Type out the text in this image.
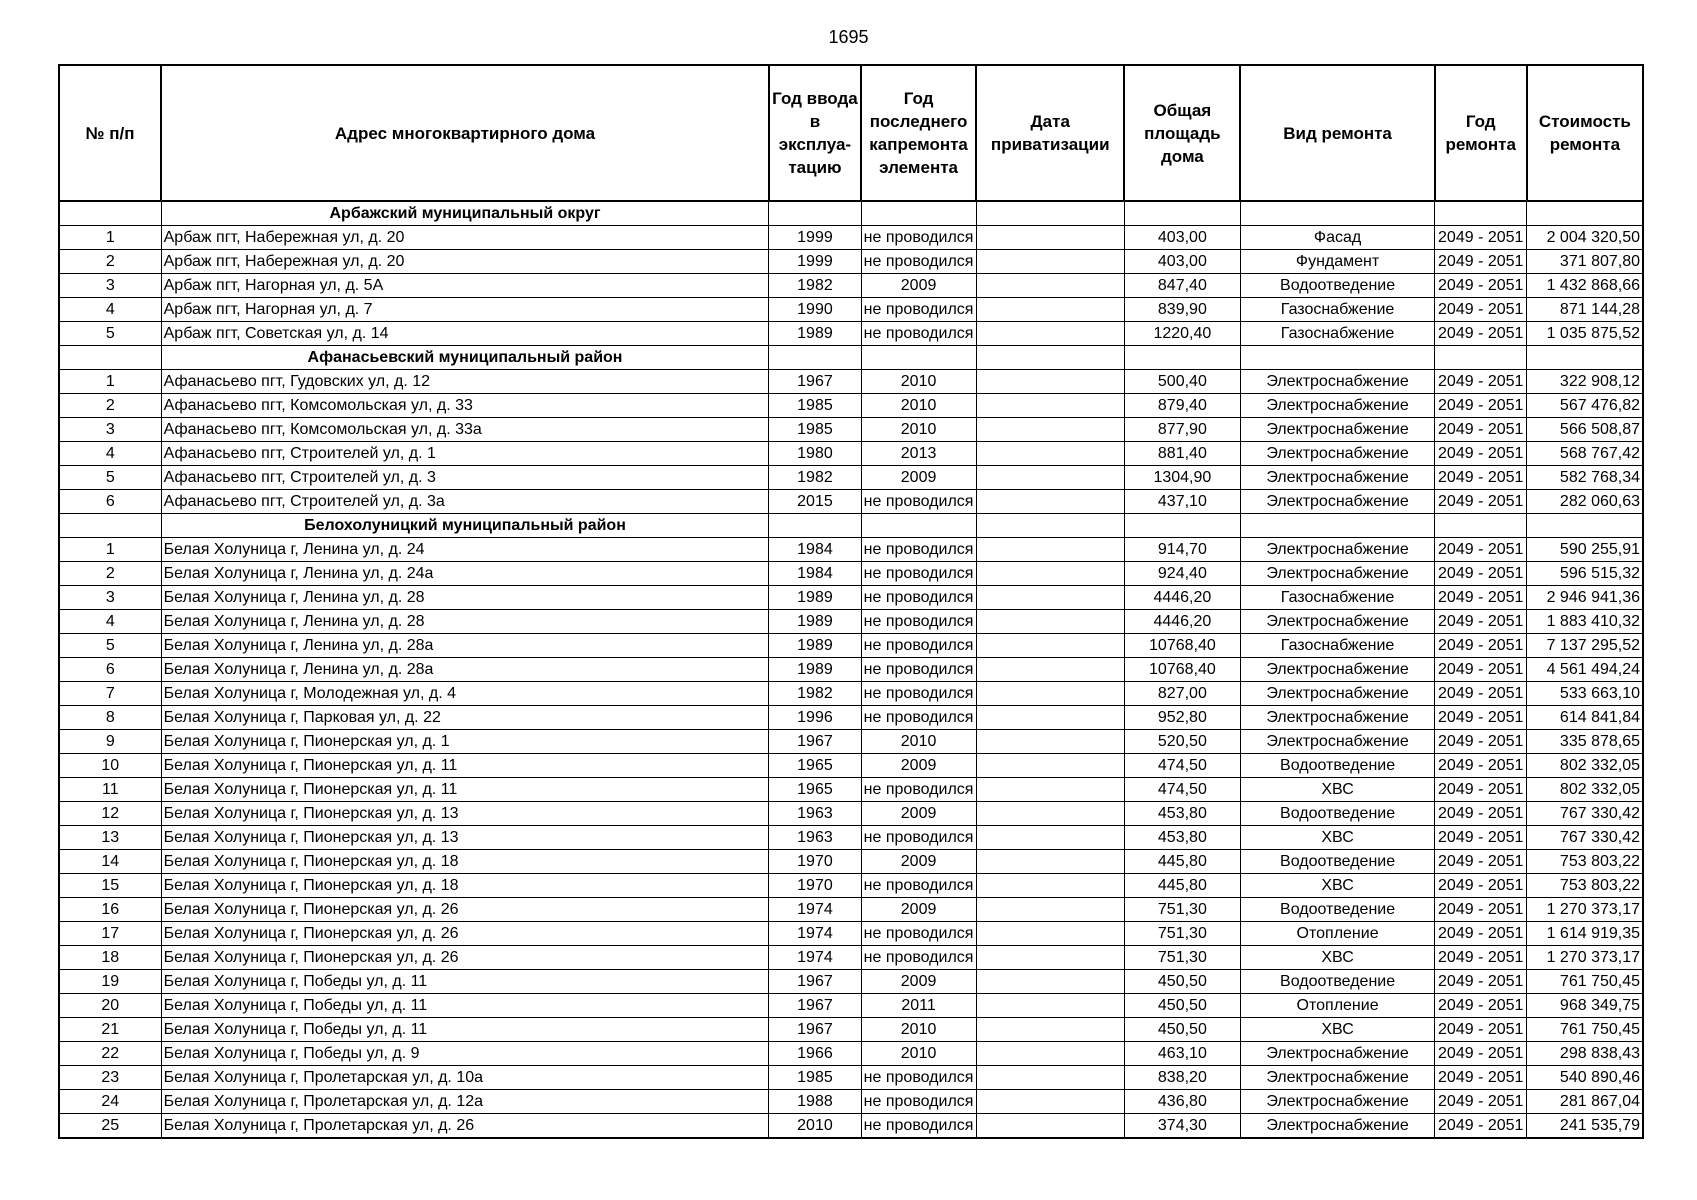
1695
№ п/п	Адрес многоквартирного дома	Год ввода в эксплуа-тацию	Год последнего капремонта элемента	Дата приватизации	Общая площадь дома	Вид ремонта	Год ремонта	Стоимость ремонта
	Арбажский муниципальный округ							
1	Арбаж пгт, Набережная ул, д. 20	1999	не проводился		403,00	Фасад	2049 - 2051	2 004 320,50
2	Арбаж пгт, Набережная ул, д. 20	1999	не проводился		403,00	Фундамент	2049 - 2051	371 807,80
3	Арбаж пгт, Нагорная ул, д. 5А	1982	2009		847,40	Водоотведение	2049 - 2051	1 432 868,66
4	Арбаж пгт, Нагорная ул, д. 7	1990	не проводился		839,90	Газоснабжение	2049 - 2051	871 144,28
5	Арбаж пгт, Советская ул, д. 14	1989	не проводился		1220,40	Газоснабжение	2049 - 2051	1 035 875,52
	Афанасьевский муниципальный район							
1	Афанасьево пгт, Гудовских ул, д. 12	1967	2010		500,40	Электроснабжение	2049 - 2051	322 908,12
2	Афанасьево пгт, Комсомольская ул, д. 33	1985	2010		879,40	Электроснабжение	2049 - 2051	567 476,82
3	Афанасьево пгт, Комсомольская ул, д. 33а	1985	2010		877,90	Электроснабжение	2049 - 2051	566 508,87
4	Афанасьево пгт, Строителей ул, д. 1	1980	2013		881,40	Электроснабжение	2049 - 2051	568 767,42
5	Афанасьево пгт, Строителей ул, д. 3	1982	2009		1304,90	Электроснабжение	2049 - 2051	582 768,34
6	Афанасьево пгт, Строителей ул, д. 3а	2015	не проводился		437,10	Электроснабжение	2049 - 2051	282 060,63
	Белохолуницкий муниципальный район							
1	Белая Холуница г, Ленина ул, д. 24	1984	не проводился		914,70	Электроснабжение	2049 - 2051	590 255,91
2	Белая Холуница г, Ленина ул, д. 24а	1984	не проводился		924,40	Электроснабжение	2049 - 2051	596 515,32
3	Белая Холуница г, Ленина ул, д. 28	1989	не проводился		4446,20	Газоснабжение	2049 - 2051	2 946 941,36
4	Белая Холуница г, Ленина ул, д. 28	1989	не проводился		4446,20	Электроснабжение	2049 - 2051	1 883 410,32
5	Белая Холуница г, Ленина ул, д. 28а	1989	не проводился		10768,40	Газоснабжение	2049 - 2051	7 137 295,52
6	Белая Холуница г, Ленина ул, д. 28а	1989	не проводился		10768,40	Электроснабжение	2049 - 2051	4 561 494,24
7	Белая Холуница г, Молодежная ул, д. 4	1982	не проводился		827,00	Электроснабжение	2049 - 2051	533 663,10
8	Белая Холуница г, Парковая ул, д. 22	1996	не проводился		952,80	Электроснабжение	2049 - 2051	614 841,84
9	Белая Холуница г, Пионерская ул, д. 1	1967	2010		520,50	Электроснабжение	2049 - 2051	335 878,65
10	Белая Холуница г, Пионерская ул, д. 11	1965	2009		474,50	Водоотведение	2049 - 2051	802 332,05
11	Белая Холуница г, Пионерская ул, д. 11	1965	не проводился		474,50	ХВС	2049 - 2051	802 332,05
12	Белая Холуница г, Пионерская ул, д. 13	1963	2009		453,80	Водоотведение	2049 - 2051	767 330,42
13	Белая Холуница г, Пионерская ул, д. 13	1963	не проводился		453,80	ХВС	2049 - 2051	767 330,42
14	Белая Холуница г, Пионерская ул, д. 18	1970	2009		445,80	Водоотведение	2049 - 2051	753 803,22
15	Белая Холуница г, Пионерская ул, д. 18	1970	не проводился		445,80	ХВС	2049 - 2051	753 803,22
16	Белая Холуница г, Пионерская ул, д. 26	1974	2009		751,30	Водоотведение	2049 - 2051	1 270 373,17
17	Белая Холуница г, Пионерская ул, д. 26	1974	не проводился		751,30	Отопление	2049 - 2051	1 614 919,35
18	Белая Холуница г, Пионерская ул, д. 26	1974	не проводился		751,30	ХВС	2049 - 2051	1 270 373,17
19	Белая Холуница г, Победы ул, д. 11	1967	2009		450,50	Водоотведение	2049 - 2051	761 750,45
20	Белая Холуница г, Победы ул, д. 11	1967	2011		450,50	Отопление	2049 - 2051	968 349,75
21	Белая Холуница г, Победы ул, д. 11	1967	2010		450,50	ХВС	2049 - 2051	761 750,45
22	Белая Холуница г, Победы ул, д. 9	1966	2010		463,10	Электроснабжение	2049 - 2051	298 838,43
23	Белая Холуница г, Пролетарская ул, д. 10а	1985	не проводился		838,20	Электроснабжение	2049 - 2051	540 890,46
24	Белая Холуница г, Пролетарская ул, д. 12а	1988	не проводился		436,80	Электроснабжение	2049 - 2051	281 867,04
25	Белая Холуница г, Пролетарская ул, д. 26	2010	не проводился		374,30	Электроснабжение	2049 - 2051	241 535,79
